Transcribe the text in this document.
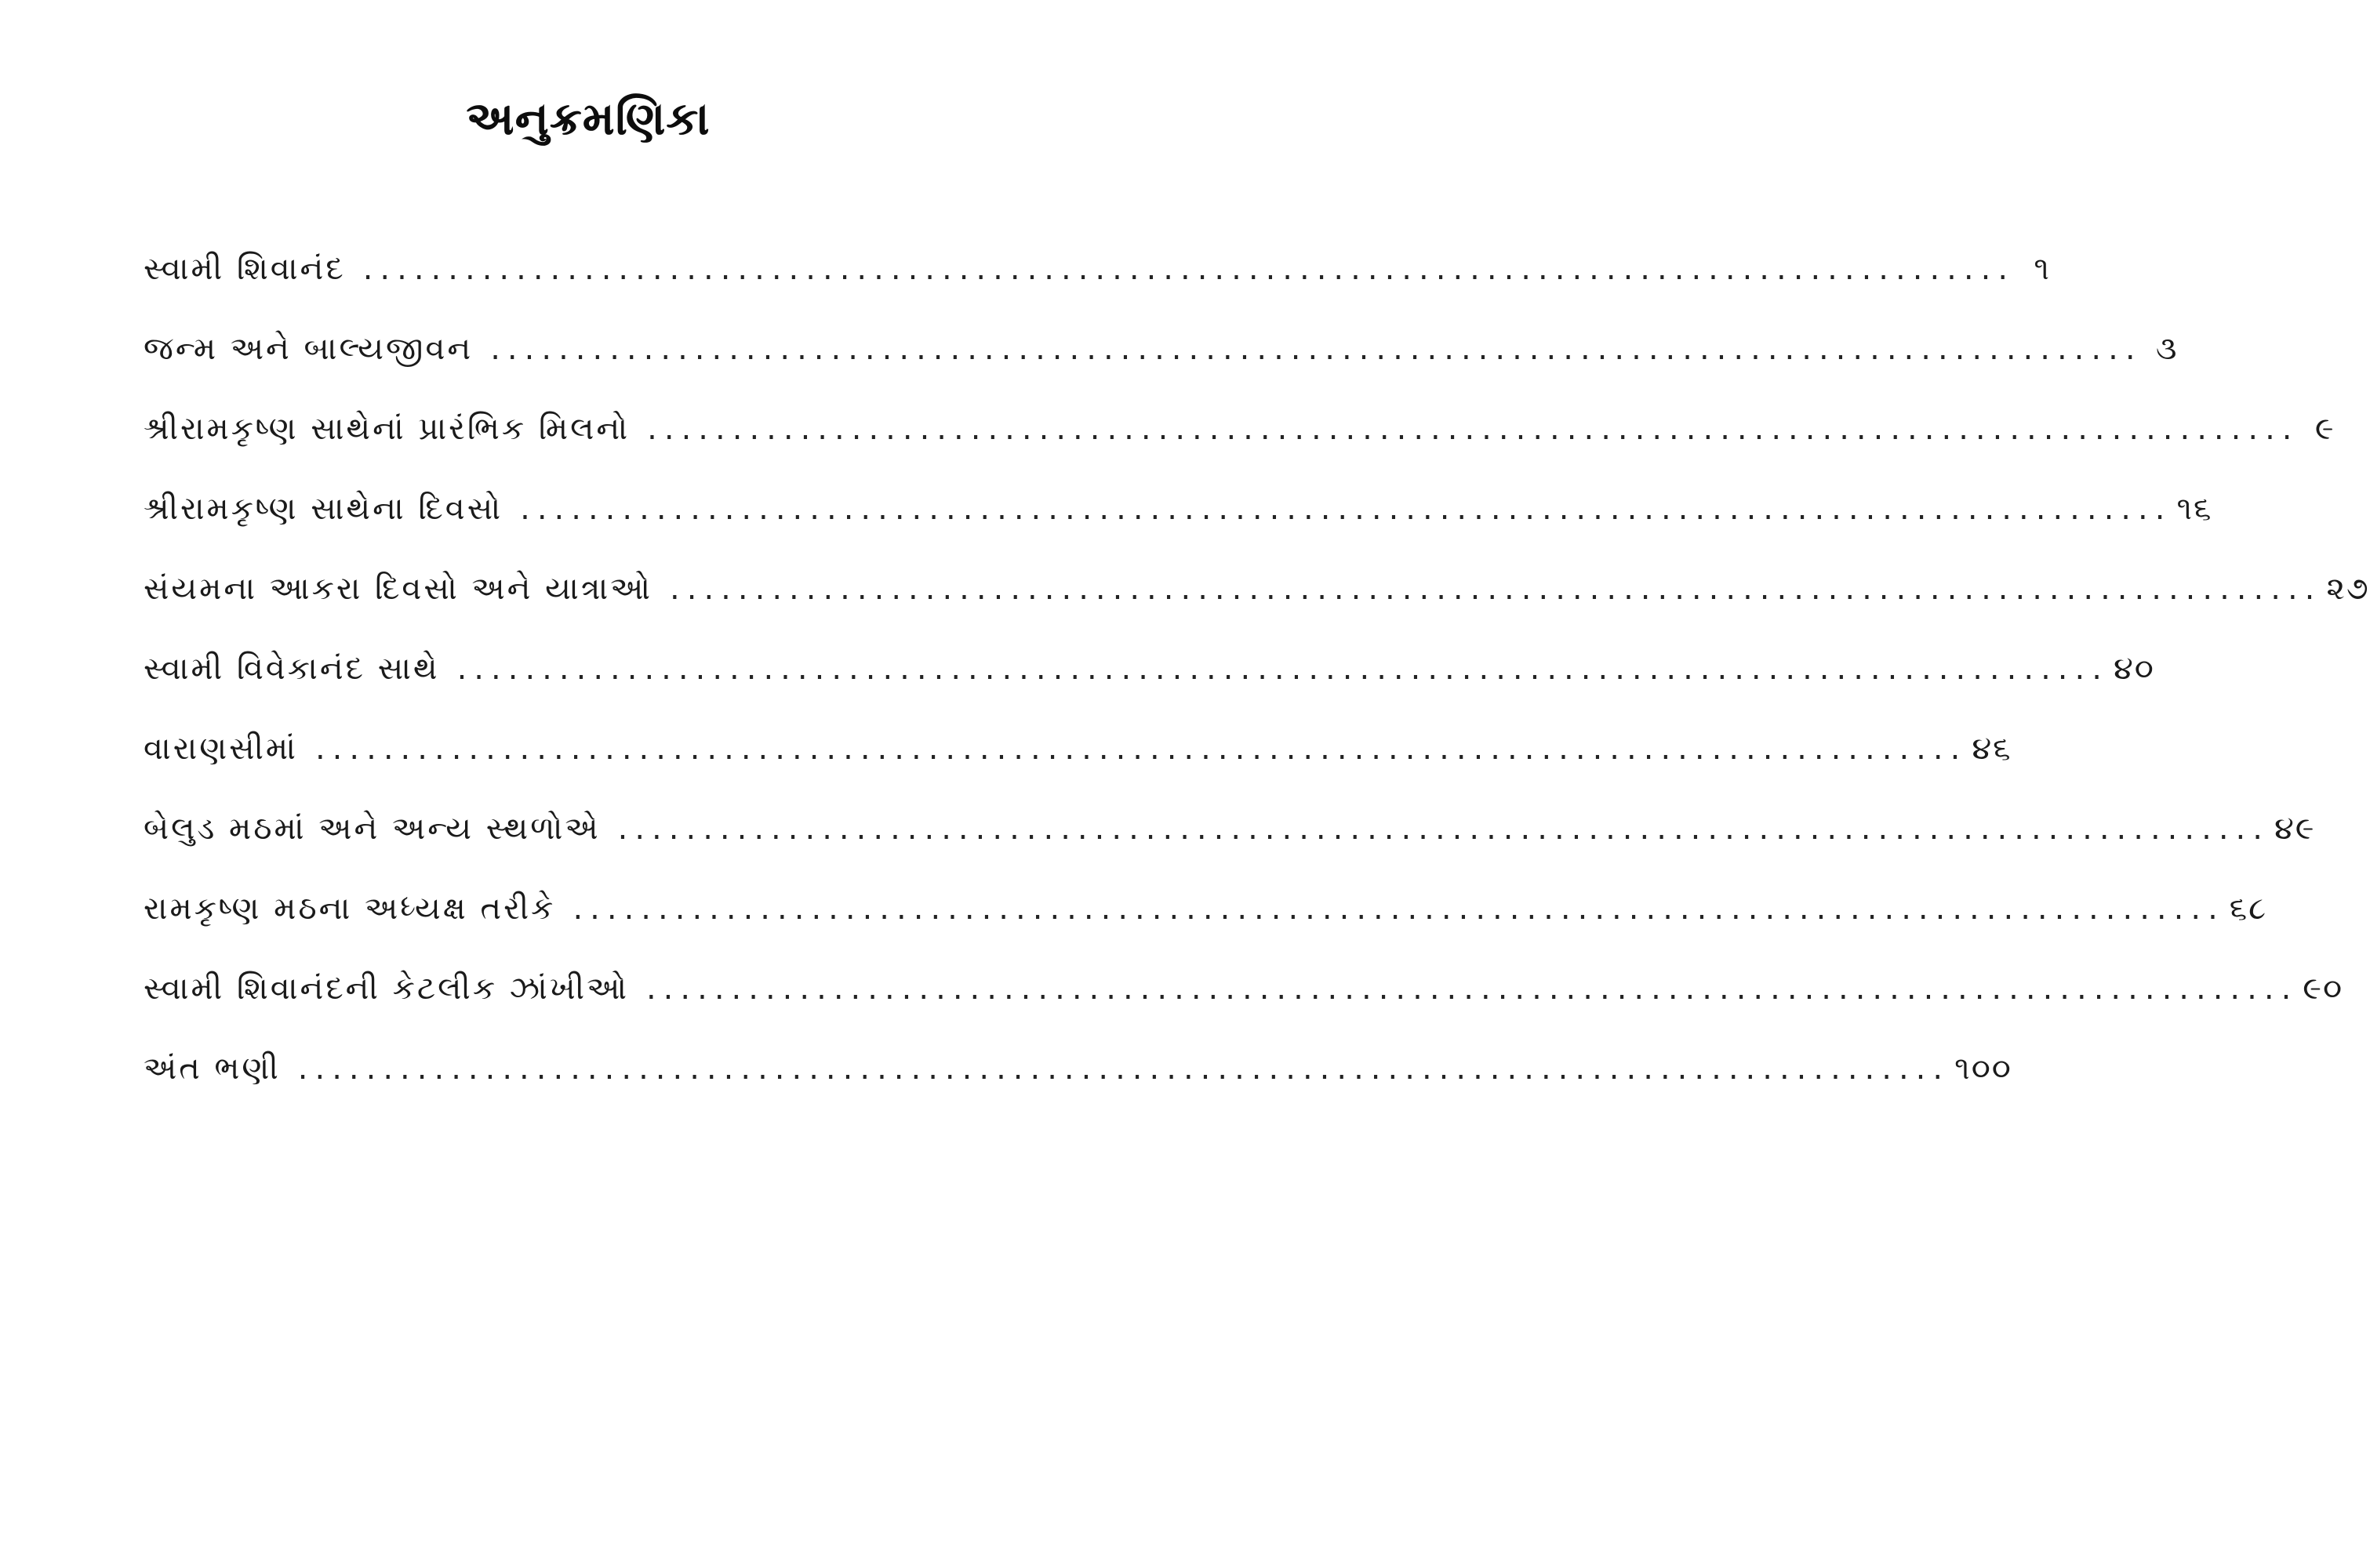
અનુક્રમણિકા
સ્વામી શિવાનંદ ................................................................................................. ૧
જન્મ અને બાલ્યજીવન ................................................................................................. ૩
શ્રીરામકૃષ્ણ સાથેનાં પ્રારંભિક મિલનો ................................................................................................. ૯
શ્રીરામકૃષ્ણ સાથેના દિવસો ................................................................................................. ૧૬
સંયમના આકરા દિવસો અને યાત્રાઓ ................................................................................................. ૨૭
સ્વામી વિવેકાનંદ સાથે ................................................................................................. ૪૦
વારાણસીમાં ................................................................................................. ૪૬
બેલુડ મઠમાં અને અન્ય સ્થળોએ ................................................................................................. ૪૯
રામકૃષ્ણ મઠના અધ્યક્ષ તરીકે ................................................................................................. ૬૮
સ્વામી શિવાનંદની કેટલીક ઝાંખીઓ ................................................................................................. ૯૦
અંત ભણી ................................................................................................. ૧૦૦
